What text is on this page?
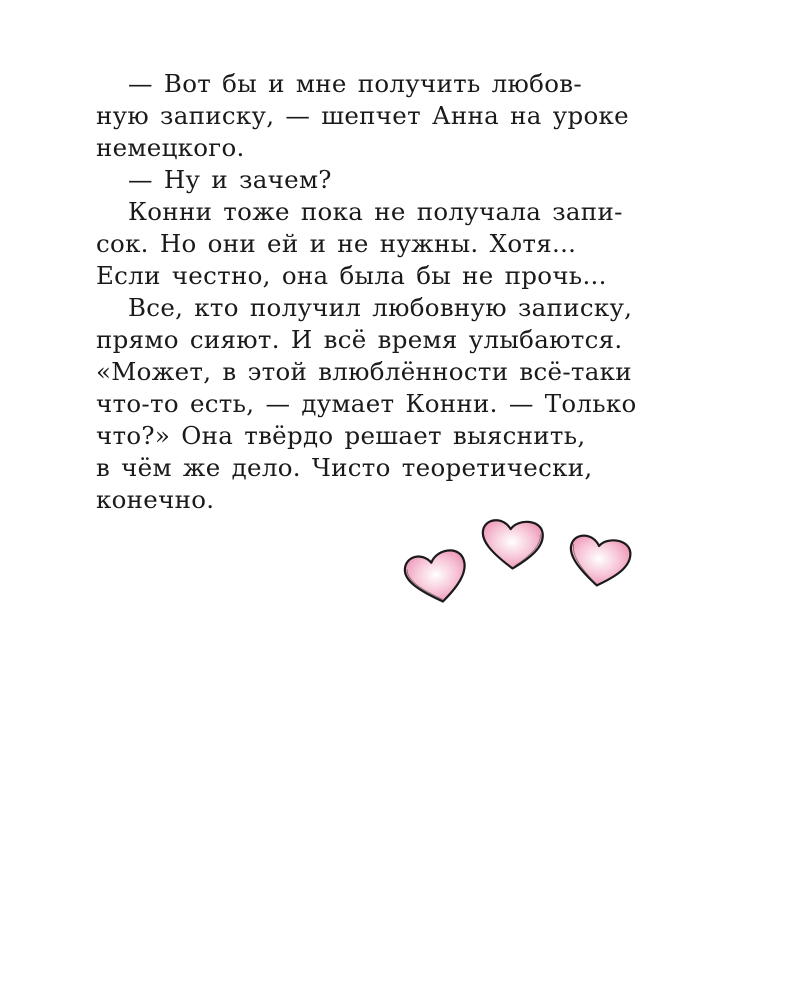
— Вот бы и мне получить любов-
ную записку, — шепчет Анна на уроке
немецкого.
— Ну и зачем?
Конни тоже пока не получала запи-
сок. Но они ей и не нужны. Хотя...
Если честно, она была бы не прочь...
Все, кто получил любовную записку,
прямо сияют. И всё время улыбаются.
«Может, в этой влюблённости всё-таки
что-то есть, — думает Конни. — Только
что?» Она твёрдо решает выяснить,
в чём же дело. Чисто теоретически,
конечно.
